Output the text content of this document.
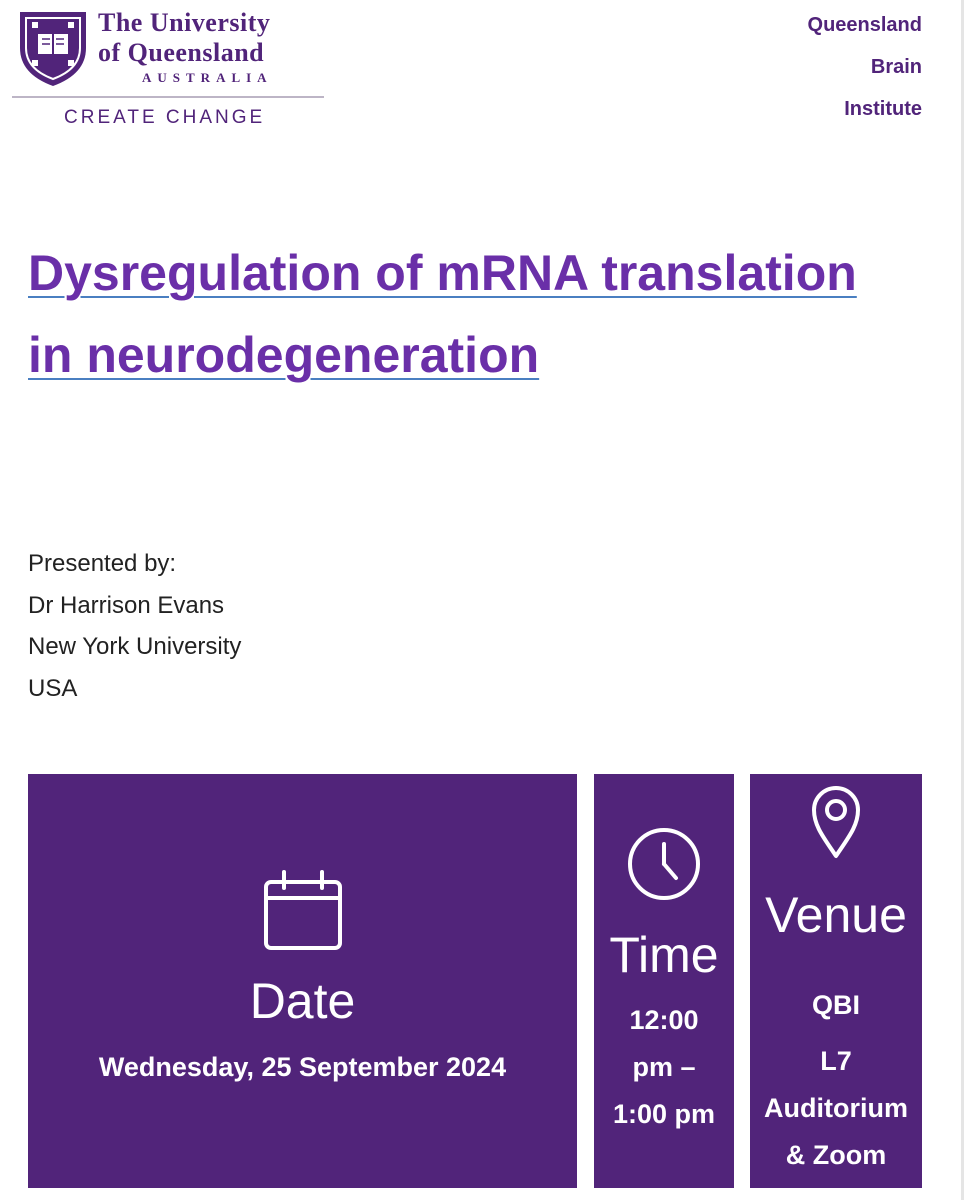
The University
of Queensland
AUSTRALIA
CREATE CHANGE
Queensland
Brain
Institute
Dysregulation of mRNA translation
in neurodegeneration
Presented by:
Dr Harrison Evans
New York University
USA
Date
Wednesday, 25 September 2024
Time
12:00
pm –
1:00 pm
Venue
QBI
L7
Auditorium
& Zoom
